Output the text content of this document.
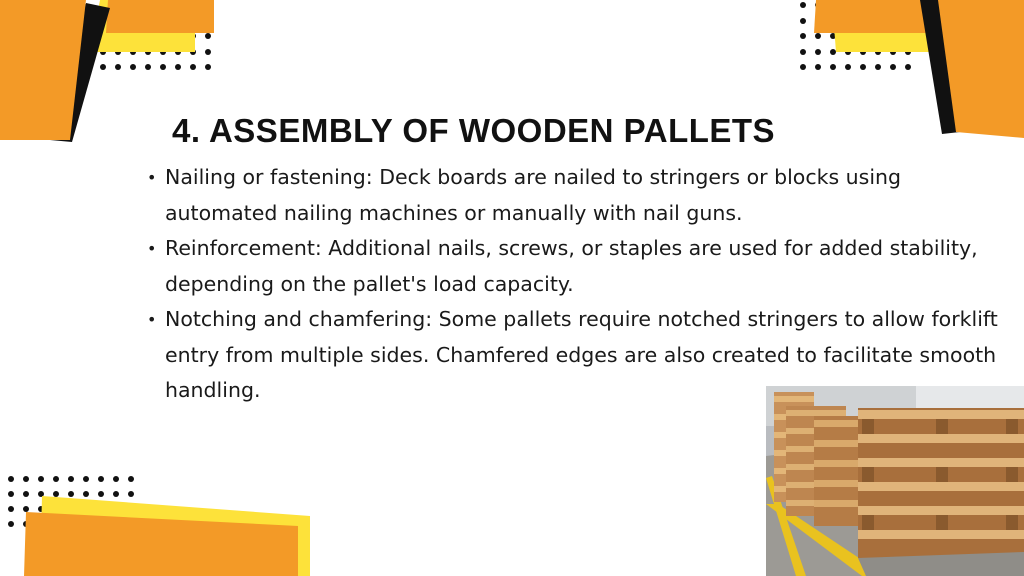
4. ASSEMBLY OF WOODEN PALLETS
• Nailing or fastening: Deck boards are nailed to stringers or blocks using automated nailing machines or manually with nail guns.
• Reinforcement: Additional nails, screws, or staples are used for added stability, depending on the pallet's load capacity.
• Notching and chamfering: Some pallets require notched stringers to allow forklift entry from multiple sides. Chamfered edges are also created to facilitate smooth handling.
